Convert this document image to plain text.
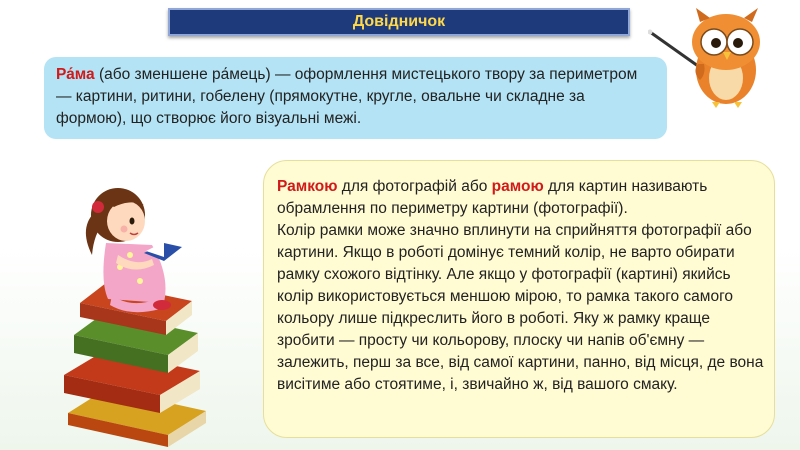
Довідничок
Ра́ма (або зменшене ра́мець) — оформлення мистецького твору за периметром — картини, ритини, гобелену (прямокутне, кругле, овальне чи складне за формою), що створює його візуальні межі.
Рамкою для фотографій або рамою для картин називають обрамлення по периметру картини (фотографії).
Колір рамки може значно вплинути на сприйняття фотографії або картини. Якщо в роботі домінує темний колір, не варто обирати рамку схожого відтінку. Але якщо у фотографії (картині) якийсь колір використовується меншою мірою, то рамка такого самого кольору лише підкреслить його в роботі. Яку ж рамку краще зробити — просту чи кольорову, плоску чи напів об'ємну — залежить, перш за все, від самої картини, панно, від місця, де вона висітиме або стоятиме, і, звичайно ж, від вашого смаку.
